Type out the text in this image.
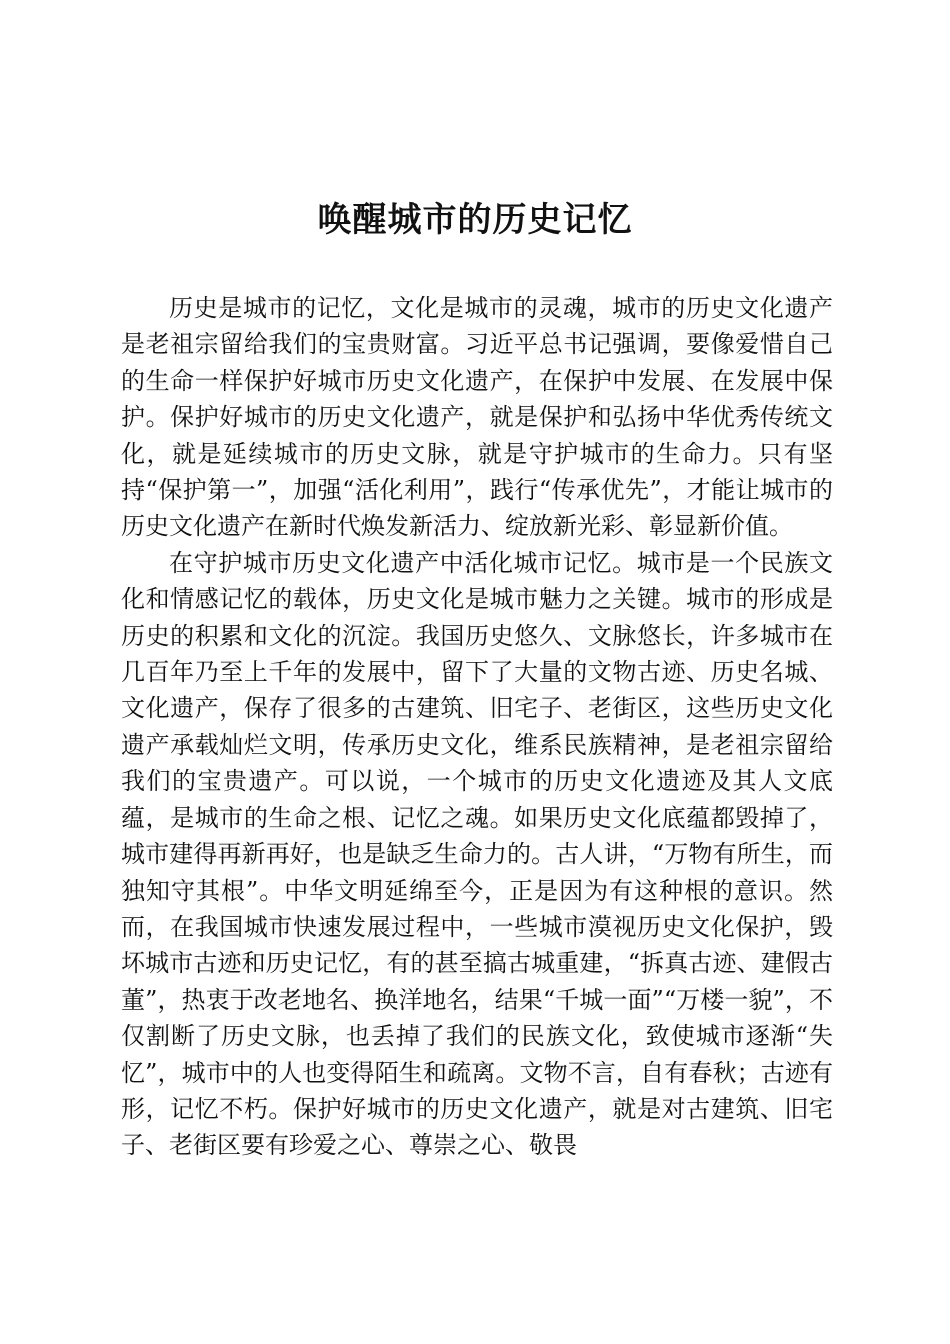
唤醒城市的历史记忆

历史是城市的记忆，文化是城市的灵魂，城市的历史文化遗产是老祖宗留给我们的宝贵财富。习近平总书记强调，要像爱惜自己的生命一样保护好城市历史文化遗产，在保护中发展、在发展中保护。保护好城市的历史文化遗产，就是保护和弘扬中华优秀传统文化，就是延续城市的历史文脉，就是守护城市的生命力。只有坚持“保护第一”，加强“活化利用”，践行“传承优先”，才能让城市的历史文化遗产在新时代焕发新活力、绽放新光彩、彰显新价值。

在守护城市历史文化遗产中活化城市记忆。城市是一个民族文化和情感记忆的载体，历史文化是城市魅力之关键。城市的形成是历史的积累和文化的沉淀。我国历史悠久、文脉悠长，许多城市在几百年乃至上千年的发展中，留下了大量的文物古迹、历史名城、文化遗产，保存了很多的古建筑、旧宅子、老街区，这些历史文化遗产承载灿烂文明，传承历史文化，维系民族精神，是老祖宗留给我们的宝贵遗产。可以说，一个城市的历史文化遗迹及其人文底蕴，是城市的生命之根、记忆之魂。如果历史文化底蕴都毁掉了，城市建得再新再好，也是缺乏生命力的。古人讲，“万物有所生，而独知守其根”。中华文明延绵至今，正是因为有这种根的意识。然而，在我国城市快速发展过程中，一些城市漠视历史文化保护，毁坏城市古迹和历史记忆，有的甚至搞古城重建，“拆真古迹、建假古董”，热衷于改老地名、换洋地名，结果“千城一面”“万楼一貌”，不仅割断了历史文脉，也丢掉了我们的民族文化，致使城市逐渐“失忆”，城市中的人也变得陌生和疏离。文物不言，自有春秋；古迹有形，记忆不朽。保护好城市的历史文化遗产，就是对古建筑、旧宅子、老街区要有珍爱之心、尊崇之心、敬畏
